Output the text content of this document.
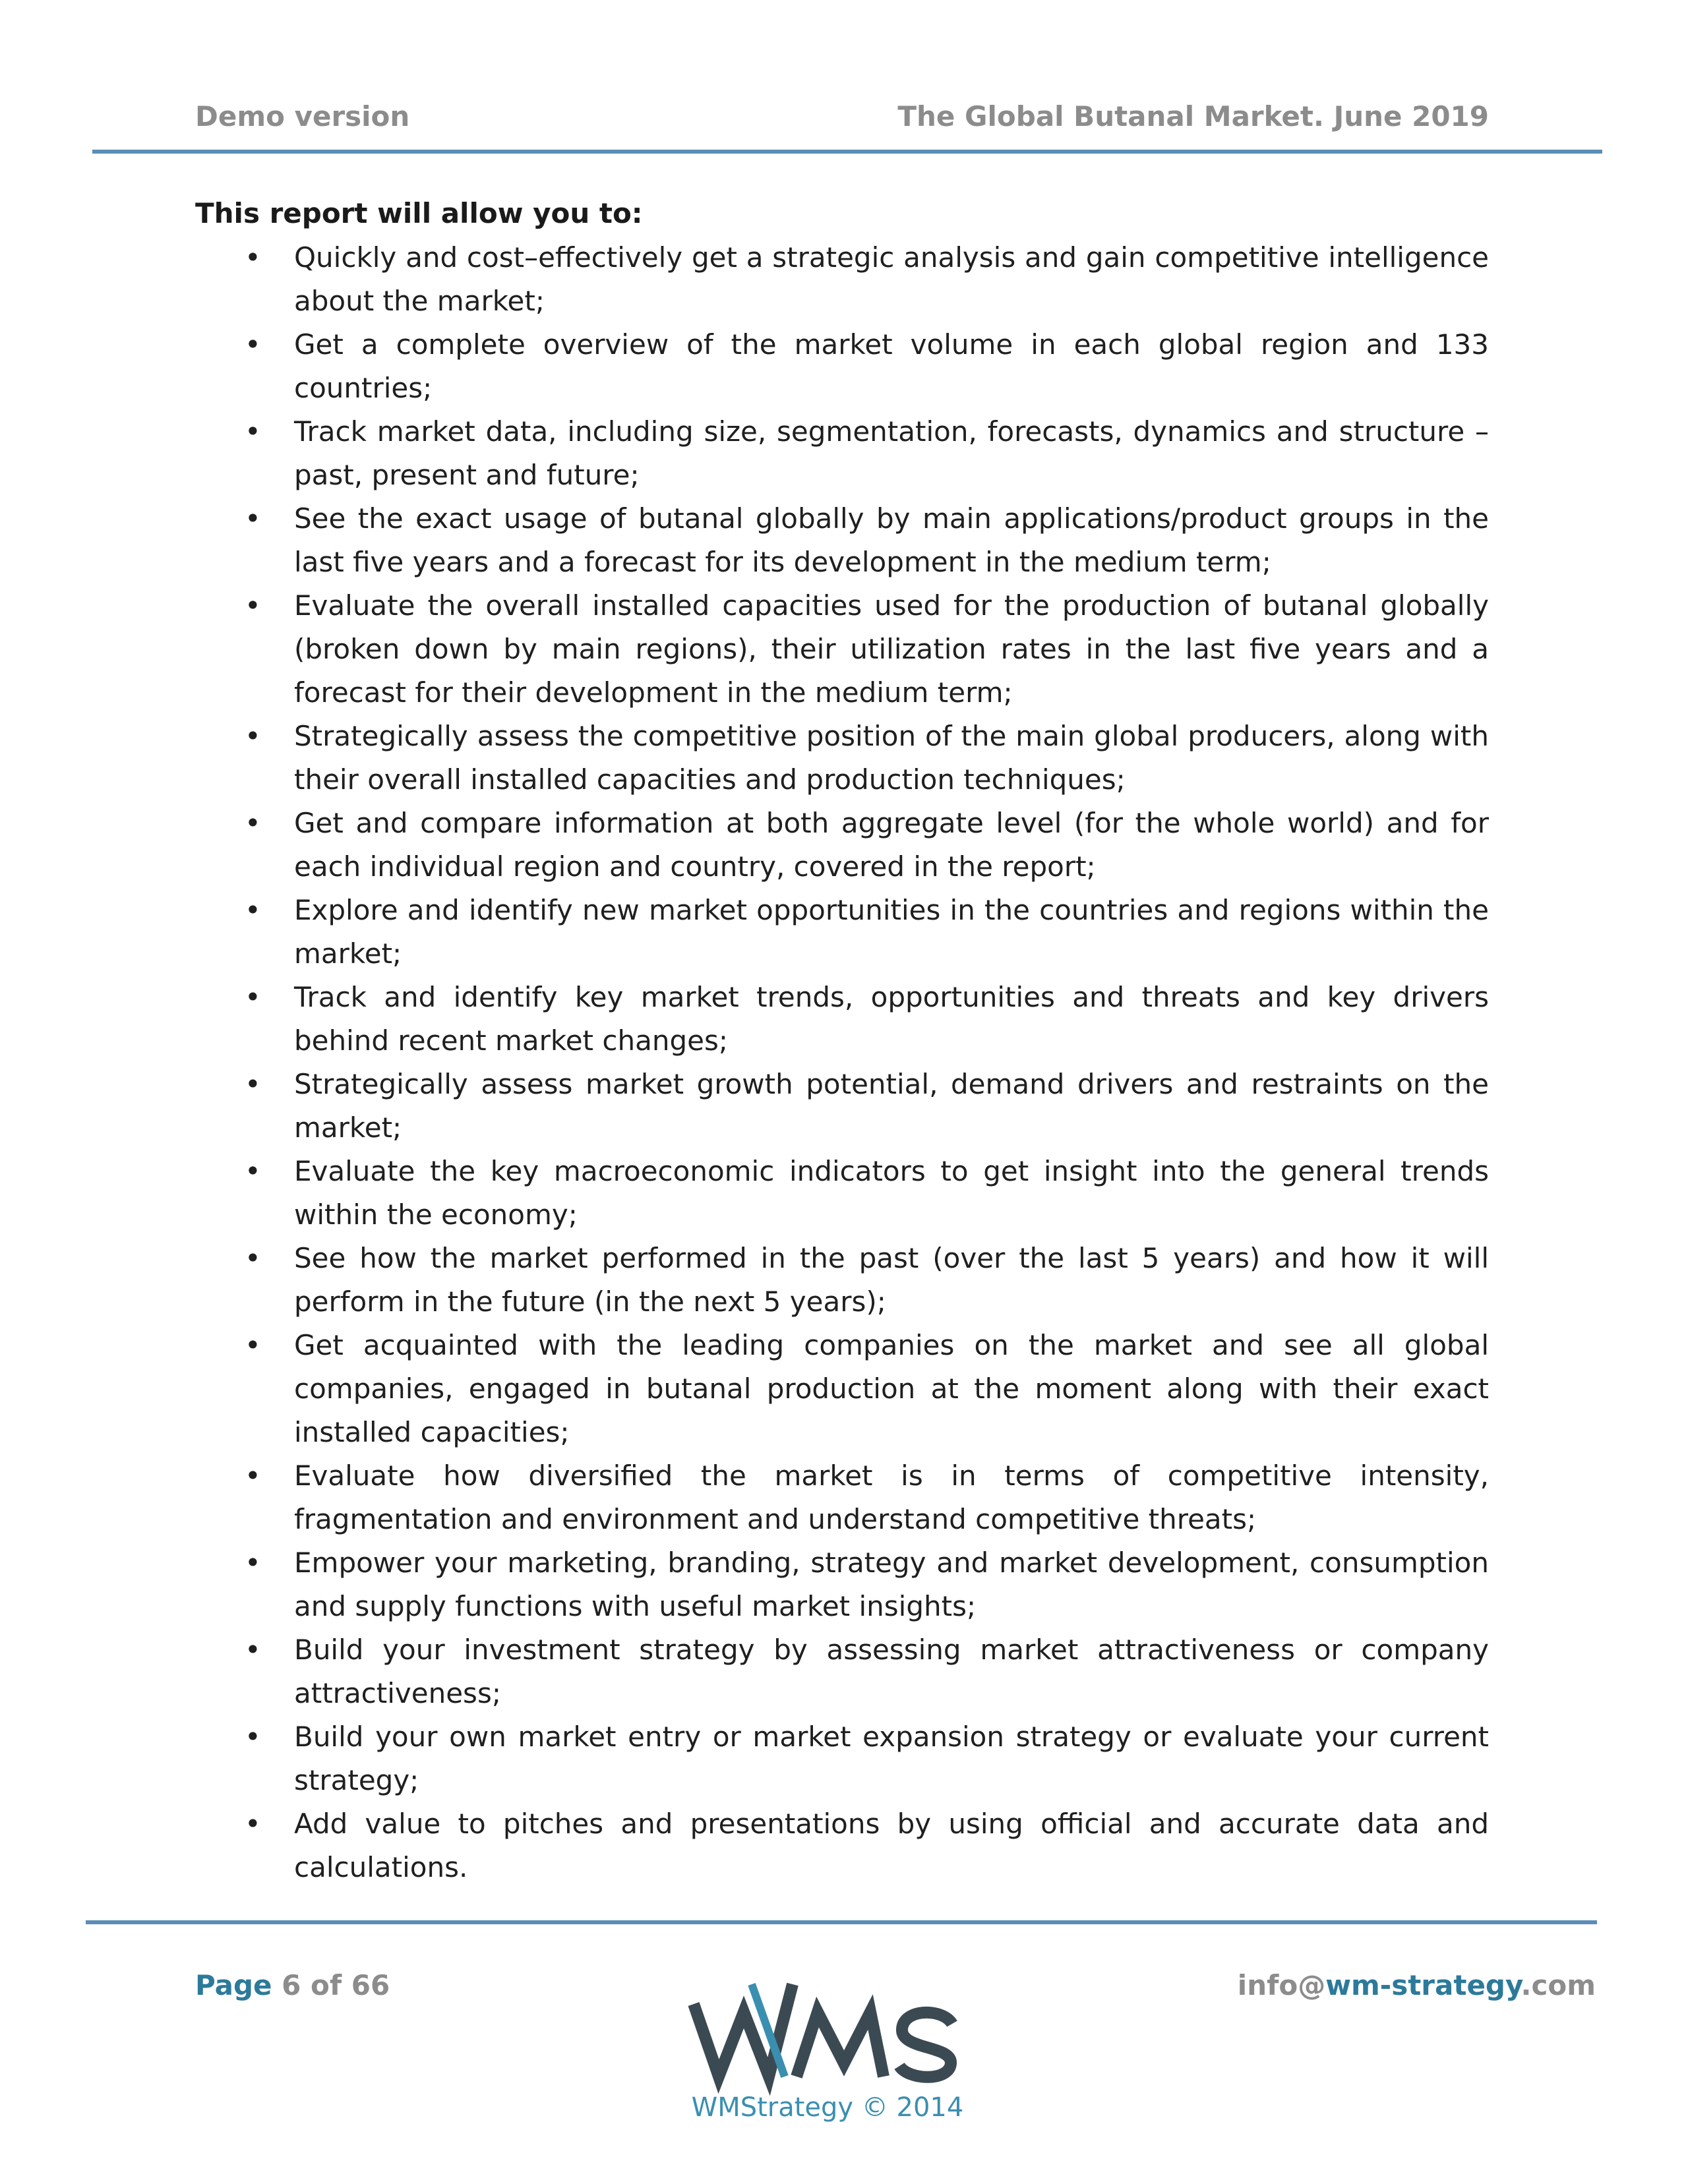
Demo version	The Global Butanal Market. June 2019
This report will allow you to:
• Quickly and cost–effectively get a strategic analysis and gain competitive intelligence about the market;
• Get a complete overview of the market volume in each global region and 133 countries;
• Track market data, including size, segmentation, forecasts, dynamics and structure – past, present and future;
• See the exact usage of butanal globally by main applications/product groups in the last five years and a forecast for its development in the medium term;
• Evaluate the overall installed capacities used for the production of butanal globally (broken down by main regions), their utilization rates in the last five years and a forecast for their development in the medium term;
• Strategically assess the competitive position of the main global producers, along with their overall installed capacities and production techniques;
• Get and compare information at both aggregate level (for the whole world) and for each individual region and country, covered in the report;
• Explore and identify new market opportunities in the countries and regions within the market;
• Track and identify key market trends, opportunities and threats and key drivers behind recent market changes;
• Strategically assess market growth potential, demand drivers and restraints on the market;
• Evaluate the key macroeconomic indicators to get insight into the general trends within the economy;
• See how the market performed in the past (over the last 5 years) and how it will perform in the future (in the next 5 years);
• Get acquainted with the leading companies on the market and see all global companies, engaged in butanal production at the moment along with their exact installed capacities;
• Evaluate how diversified the market is in terms of competitive intensity, fragmentation and environment and understand competitive threats;
• Empower your marketing, branding, strategy and market development, consumption and supply functions with useful market insights;
• Build your investment strategy by assessing market attractiveness or company attractiveness;
• Build your own market entry or market expansion strategy or evaluate your current strategy;
• Add value to pitches and presentations by using official and accurate data and calculations.
Page 6 of 66	info@wm-strategy.com
WMS
WMStrategy © 2014
